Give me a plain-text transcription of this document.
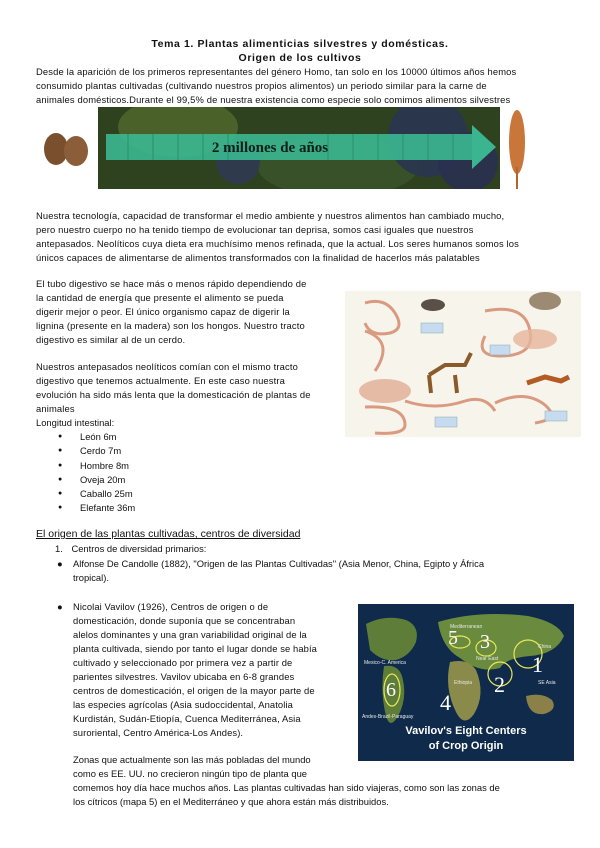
Tema 1. Plantas alimenticias silvestres y domésticas.
Origen de los cultivos
Desde la aparición de los primeros representantes del género Homo, tan solo en los 10000 últimos años hemos
consumido plantas cultivadas (cultivando nuestros propios alimentos) un periodo similar para la carne de
animales domésticos.Durante el 99,5% de nuestra existencia como especie solo comimos alimentos silvestres
2 millones de años
Nuestra tecnología, capacidad de transformar el medio ambiente y nuestros alimentos han cambiado mucho,
pero nuestro cuerpo no ha tenido tiempo de evolucionar tan deprisa, somos casi iguales que nuestros
antepasados. Neolíticos cuya dieta era muchísimo menos refinada, que la actual. Los seres humanos somos los
únicos capaces de alimentarse de alimentos transformados con la finalidad de hacerlos más palatables
El tubo digestivo se hace más o menos rápido dependiendo de
la cantidad de energía que presente el alimento se pueda
digerir mejor o peor. El único organismo capaz de digerir la
lignina (presente en la madera) son los hongos. Nuestro tracto
digestivo es similar al de un cerdo.
Nuestros antepasados neolíticos comían con el mismo tracto
digestivo que tenemos actualmente. En este caso nuestra
evolución ha sido más lenta que la domesticación de plantas de
animales
Longitud intestinal:
● León 6m
● Cerdo 7m
● Hombre 8m
● Oveja 20m
● Caballo 25m
● Elefante 36m
El origen de las plantas cultivadas, centros de diversidad
1. Centros de diversidad primarios:
● Alfonse De Candolle (1882), "Origen de las Plantas Cultivadas" (Asia Menor, China, Egipto y África
tropical).
● Nicolai Vavilov (1926), Centros de origen o de
domesticación, donde suponía que se concentraban
alelos dominantes y una gran variabilidad original de la
planta cultivada, siendo por tanto el lugar donde se había
cultivado y seleccionado por primera vez a partir de
parientes silvestres. Vavilov ubicaba en 6-8 grandes
centros de domesticación, el origen de la mayor parte de
las especies agrícolas (Asia sudoccidental, Anatolia
Kurdistán, Sudán-Etiopía, Cuenca Mediterránea, Asia
suroriental, Centro América-Los Andes).
1
2
3
4
5
6
Mediterranean
Near East
China
SE Asia
Ethiopia
Mexico-C. America
Andes-Brazil-Paraguay
Vavilov's Eight Centers
of Crop Origin
Zonas que actualmente son las más pobladas del mundo
como es EE. UU. no crecieron ningún tipo de planta que
comemos hoy día hace muchos años. Las plantas cultivadas han sido viajeras, como son las zonas de
los cítricos (mapa 5) en el Mediterráneo y que ahora están más distribuidos.
